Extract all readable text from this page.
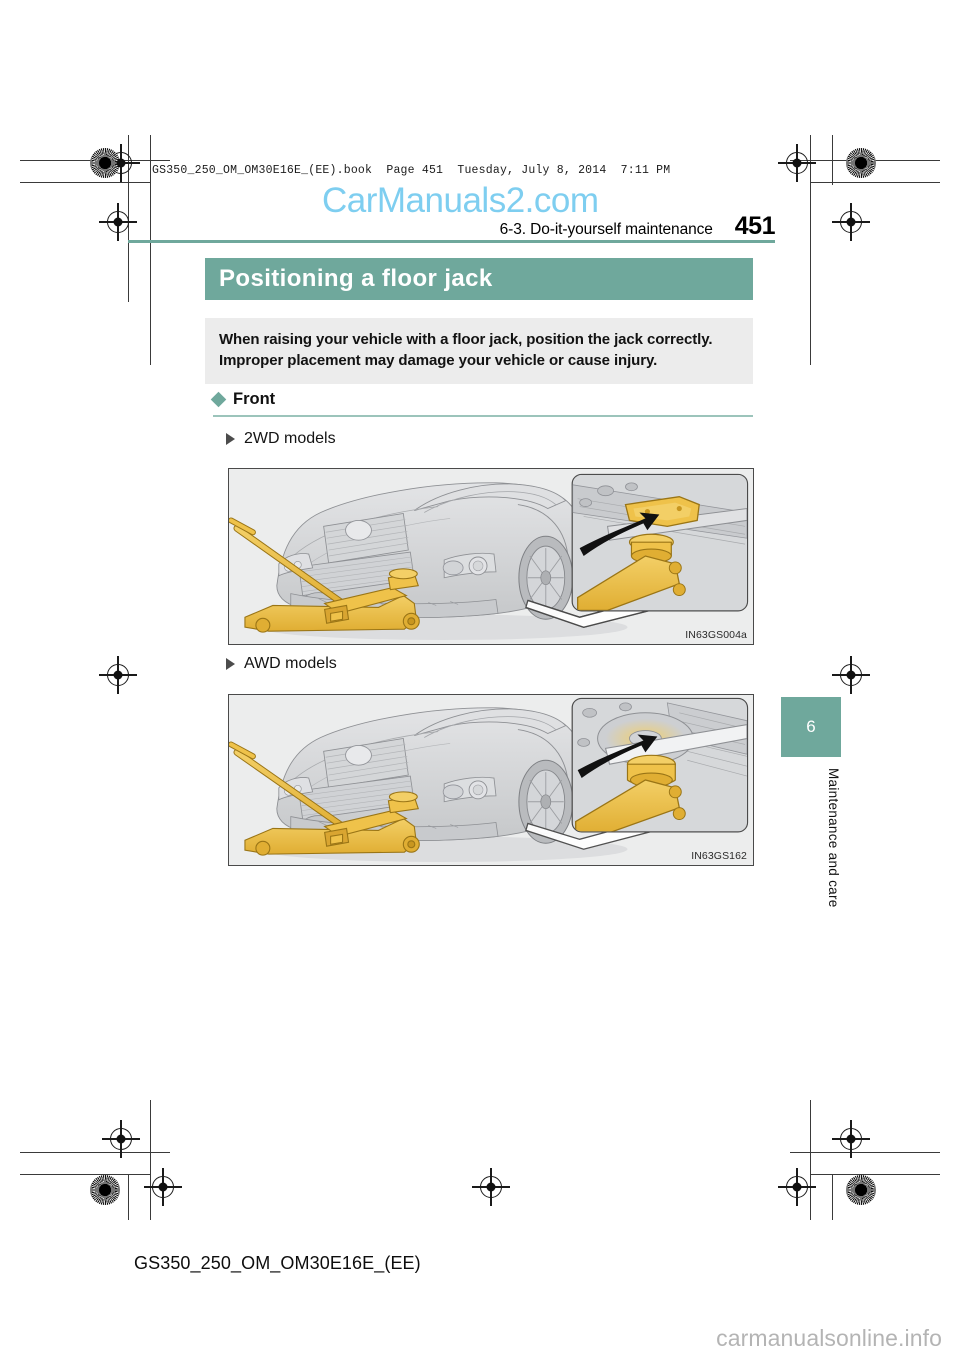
GS350_250_OM_OM30E16E_(EE).book  Page 451  Tuesday, July 8, 2014  7:11 PM
CarManuals2.com
6-3. Do-it-yourself maintenance 451
Positioning a floor jack

When raising your vehicle with a floor jack, position the jack correctly.

Improper placement may damage your vehicle or cause injury.

Front
2WD models
IN63GS004a
AWD models
IN63GS162
6
Maintenance and care
GS350_250_OM_OM30E16E_(EE)
carmanualsonline.info
